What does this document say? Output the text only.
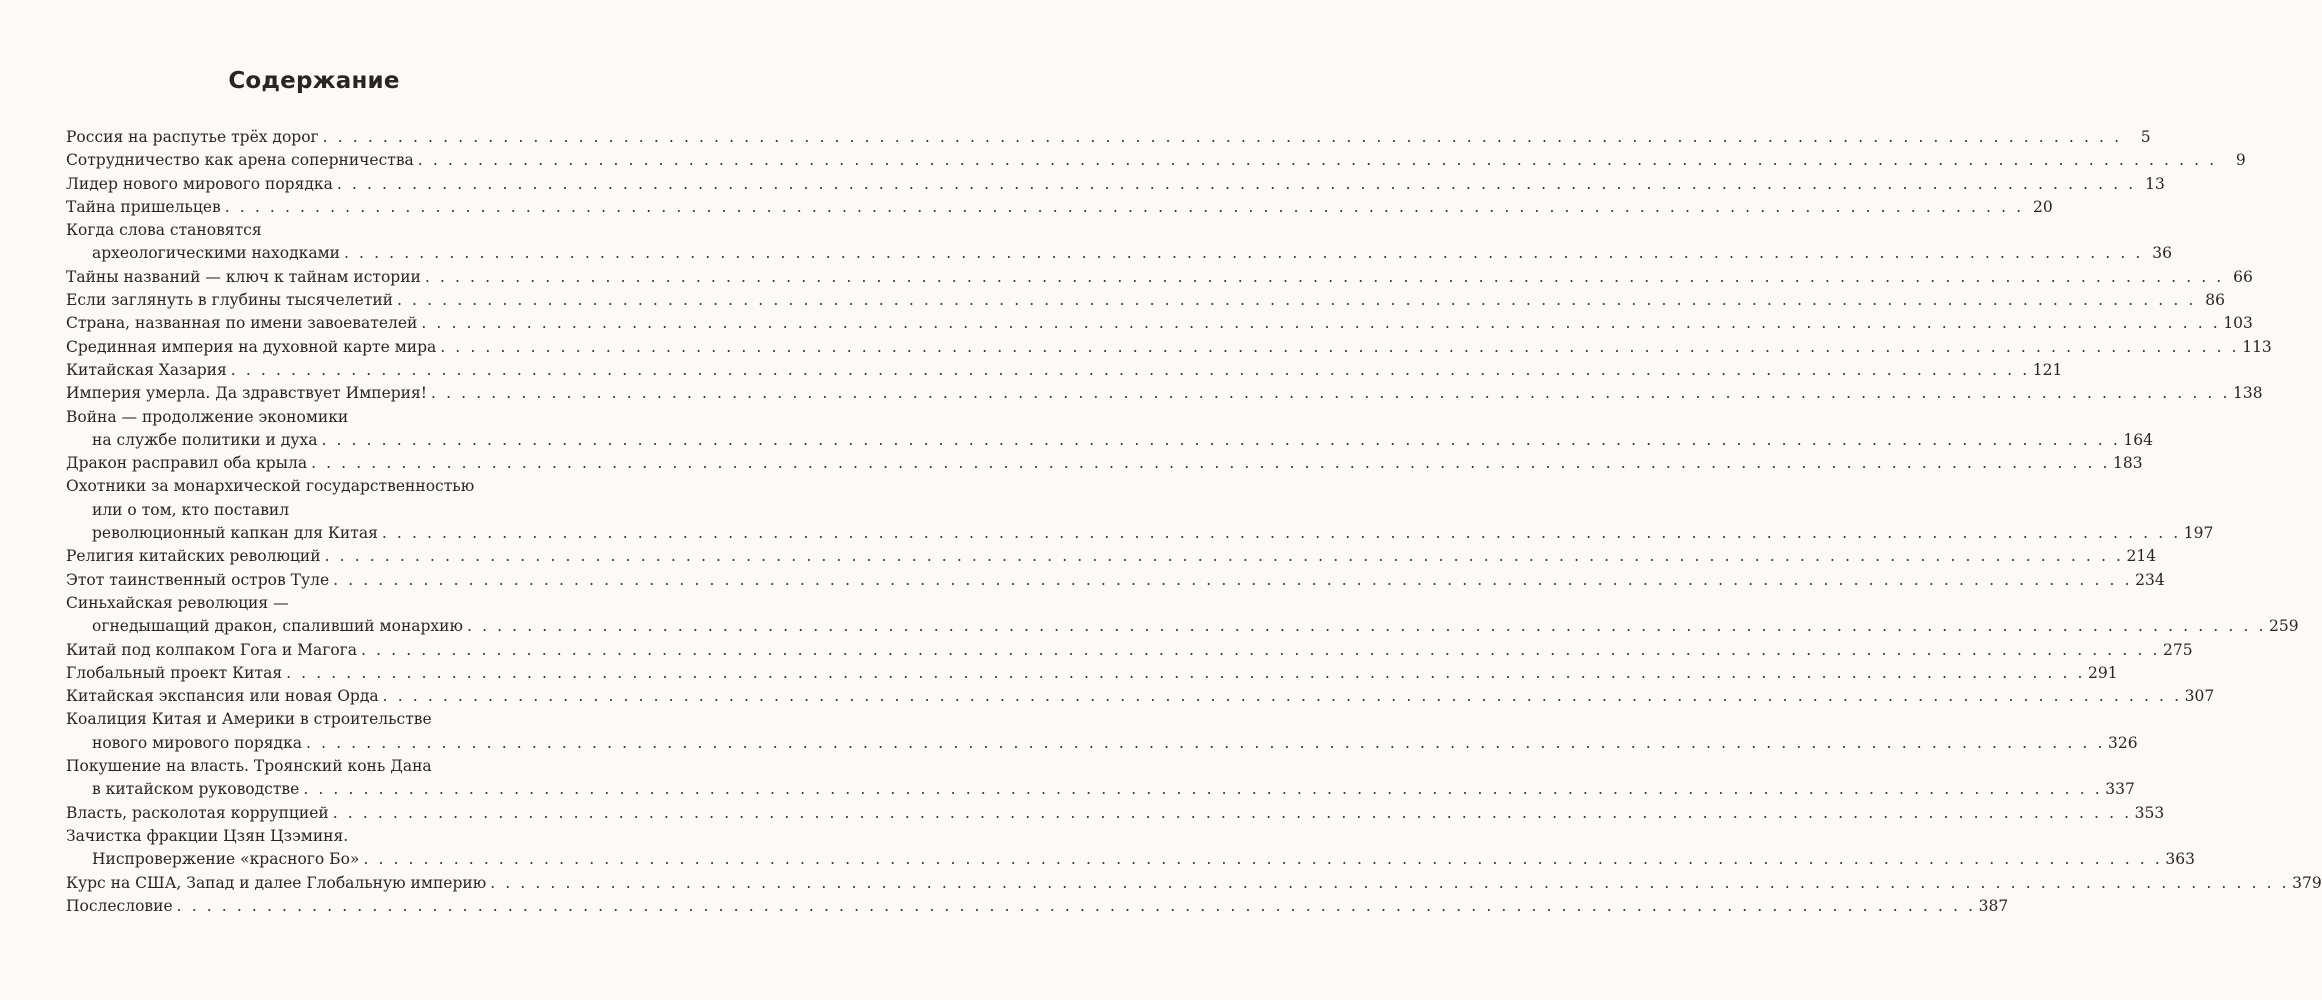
Содержание
Россия на распутье трёх дорог . . . . . . . . . . . . . . . . . . . . . . . . . . . . . . . . . . . . . . . . . . . . . . . . . . . . . . . . . . . . . . . . . . . . . . . . . . . . . . . . . . . . . . . . . . . . . . . . . . . . . . . . . . . . . . . . . . . . . . . .	5
Сотрудничество как арена соперничества . . . . . . . . . . . . . . . . . . . . . . . . . . . . . . . . . . . . . . . . . . . . . . . . . . . . . . . . . . . . . . . . . . . . . . . . . . . . . . . . . . . . . . . . . . . . . . . . . . . . . . . . . . . . . . . . . . . . . . . .	9
Лидер нового мирового порядка . . . . . . . . . . . . . . . . . . . . . . . . . . . . . . . . . . . . . . . . . . . . . . . . . . . . . . . . . . . . . . . . . . . . . . . . . . . . . . . . . . . . . . . . . . . . . . . . . . . . . . . . . . . . . . . . . . . . . . . . 13
Тайна пришельцев . . . . . . . . . . . . . . . . . . . . . . . . . . . . . . . . . . . . . . . . . . . . . . . . . . . . . . . . . . . . . . . . . . . . . . . . . . . . . . . . . . . . . . . . . . . . . . . . . . . . . . . . . . . . . . . . . . . . . . . . 20
Когда слова становятся
археологическими находками . . . . . . . . . . . . . . . . . . . . . . . . . . . . . . . . . . . . . . . . . . . . . . . . . . . . . . . . . . . . . . . . . . . . . . . . . . . . . . . . . . . . . . . . . . . . . . . . . . . . . . . . . . . . . . . . . . . . . . . . 36
Тайны названий — ключ к тайнам истории . . . . . . . . . . . . . . . . . . . . . . . . . . . . . . . . . . . . . . . . . . . . . . . . . . . . . . . . . . . . . . . . . . . . . . . . . . . . . . . . . . . . . . . . . . . . . . . . . . . . . . . . . . . . . . . . . . . . . . . . 66
Если заглянуть в глубины тысячелетий . . . . . . . . . . . . . . . . . . . . . . . . . . . . . . . . . . . . . . . . . . . . . . . . . . . . . . . . . . . . . . . . . . . . . . . . . . . . . . . . . . . . . . . . . . . . . . . . . . . . . . . . . . . . . . . . . . . . . . . . 86
Страна, названная по имени завоевателей . . . . . . . . . . . . . . . . . . . . . . . . . . . . . . . . . . . . . . . . . . . . . . . . . . . . . . . . . . . . . . . . . . . . . . . . . . . . . . . . . . . . . . . . . . . . . . . . . . . . . . . . . . . . . . . . . . . . . . . . 103
Срединная империя на духовной карте мира . . . . . . . . . . . . . . . . . . . . . . . . . . . . . . . . . . . . . . . . . . . . . . . . . . . . . . . . . . . . . . . . . . . . . . . . . . . . . . . . . . . . . . . . . . . . . . . . . . . . . . . . . . . . . . . . . . . . . . . . 113
Китайская Хазария . . . . . . . . . . . . . . . . . . . . . . . . . . . . . . . . . . . . . . . . . . . . . . . . . . . . . . . . . . . . . . . . . . . . . . . . . . . . . . . . . . . . . . . . . . . . . . . . . . . . . . . . . . . . . . . . . . . . . . . . 121
Империя умерла. Да здравствует Империя! . . . . . . . . . . . . . . . . . . . . . . . . . . . . . . . . . . . . . . . . . . . . . . . . . . . . . . . . . . . . . . . . . . . . . . . . . . . . . . . . . . . . . . . . . . . . . . . . . . . . . . . . . . . . . . . . . . . . . . . . 138
Война — продолжение экономики
на службе политики и духа . . . . . . . . . . . . . . . . . . . . . . . . . . . . . . . . . . . . . . . . . . . . . . . . . . . . . . . . . . . . . . . . . . . . . . . . . . . . . . . . . . . . . . . . . . . . . . . . . . . . . . . . . . . . . . . . . . . . . . . . 164
Дракон расправил оба крыла . . . . . . . . . . . . . . . . . . . . . . . . . . . . . . . . . . . . . . . . . . . . . . . . . . . . . . . . . . . . . . . . . . . . . . . . . . . . . . . . . . . . . . . . . . . . . . . . . . . . . . . . . . . . . . . . . . . . . . . . 183
Охотники за монархической государственностью
или о том, кто поставил
революционный капкан для Китая . . . . . . . . . . . . . . . . . . . . . . . . . . . . . . . . . . . . . . . . . . . . . . . . . . . . . . . . . . . . . . . . . . . . . . . . . . . . . . . . . . . . . . . . . . . . . . . . . . . . . . . . . . . . . . . . . . . . . . . . 197
Религия китайских революций . . . . . . . . . . . . . . . . . . . . . . . . . . . . . . . . . . . . . . . . . . . . . . . . . . . . . . . . . . . . . . . . . . . . . . . . . . . . . . . . . . . . . . . . . . . . . . . . . . . . . . . . . . . . . . . . . . . . . . . . 214
Этот таинственный остров Туле . . . . . . . . . . . . . . . . . . . . . . . . . . . . . . . . . . . . . . . . . . . . . . . . . . . . . . . . . . . . . . . . . . . . . . . . . . . . . . . . . . . . . . . . . . . . . . . . . . . . . . . . . . . . . . . . . . . . . . . . 234
Синьхайская революция —
огнедышащий дракон, спаливший монархию . . . . . . . . . . . . . . . . . . . . . . . . . . . . . . . . . . . . . . . . . . . . . . . . . . . . . . . . . . . . . . . . . . . . . . . . . . . . . . . . . . . . . . . . . . . . . . . . . . . . . . . . . . . . . . . . . . . . . . . . 259
Китай под колпаком Гога и Магога . . . . . . . . . . . . . . . . . . . . . . . . . . . . . . . . . . . . . . . . . . . . . . . . . . . . . . . . . . . . . . . . . . . . . . . . . . . . . . . . . . . . . . . . . . . . . . . . . . . . . . . . . . . . . . . . . . . . . . . . 275
Глобальный проект Китая . . . . . . . . . . . . . . . . . . . . . . . . . . . . . . . . . . . . . . . . . . . . . . . . . . . . . . . . . . . . . . . . . . . . . . . . . . . . . . . . . . . . . . . . . . . . . . . . . . . . . . . . . . . . . . . . . . . . . . . . 291
Китайская экспансия или новая Орда . . . . . . . . . . . . . . . . . . . . . . . . . . . . . . . . . . . . . . . . . . . . . . . . . . . . . . . . . . . . . . . . . . . . . . . . . . . . . . . . . . . . . . . . . . . . . . . . . . . . . . . . . . . . . . . . . . . . . . . . 307
Коалиция Китая и Америки в строительстве
нового мирового порядка . . . . . . . . . . . . . . . . . . . . . . . . . . . . . . . . . . . . . . . . . . . . . . . . . . . . . . . . . . . . . . . . . . . . . . . . . . . . . . . . . . . . . . . . . . . . . . . . . . . . . . . . . . . . . . . . . . . . . . . . 326
Покушение на власть. Троянский конь Дана
в китайском руководстве . . . . . . . . . . . . . . . . . . . . . . . . . . . . . . . . . . . . . . . . . . . . . . . . . . . . . . . . . . . . . . . . . . . . . . . . . . . . . . . . . . . . . . . . . . . . . . . . . . . . . . . . . . . . . . . . . . . . . . . . 337
Власть, расколотая коррупцией . . . . . . . . . . . . . . . . . . . . . . . . . . . . . . . . . . . . . . . . . . . . . . . . . . . . . . . . . . . . . . . . . . . . . . . . . . . . . . . . . . . . . . . . . . . . . . . . . . . . . . . . . . . . . . . . . . . . . . . . 353
Зачистка фракции Цзян Цзэминя.
Ниспровержение «красного Бо» . . . . . . . . . . . . . . . . . . . . . . . . . . . . . . . . . . . . . . . . . . . . . . . . . . . . . . . . . . . . . . . . . . . . . . . . . . . . . . . . . . . . . . . . . . . . . . . . . . . . . . . . . . . . . . . . . . . . . . . . 363
Курс на США, Запад и далее Глобальную империю . . . . . . . . . . . . . . . . . . . . . . . . . . . . . . . . . . . . . . . . . . . . . . . . . . . . . . . . . . . . . . . . . . . . . . . . . . . . . . . . . . . . . . . . . . . . . . . . . . . . . . . . . . . . . . . . . . . . . . . . 379
Послесловие . . . . . . . . . . . . . . . . . . . . . . . . . . . . . . . . . . . . . . . . . . . . . . . . . . . . . . . . . . . . . . . . . . . . . . . . . . . . . . . . . . . . . . . . . . . . . . . . . . . . . . . . . . . . . . . . . . . . . . . . 387
